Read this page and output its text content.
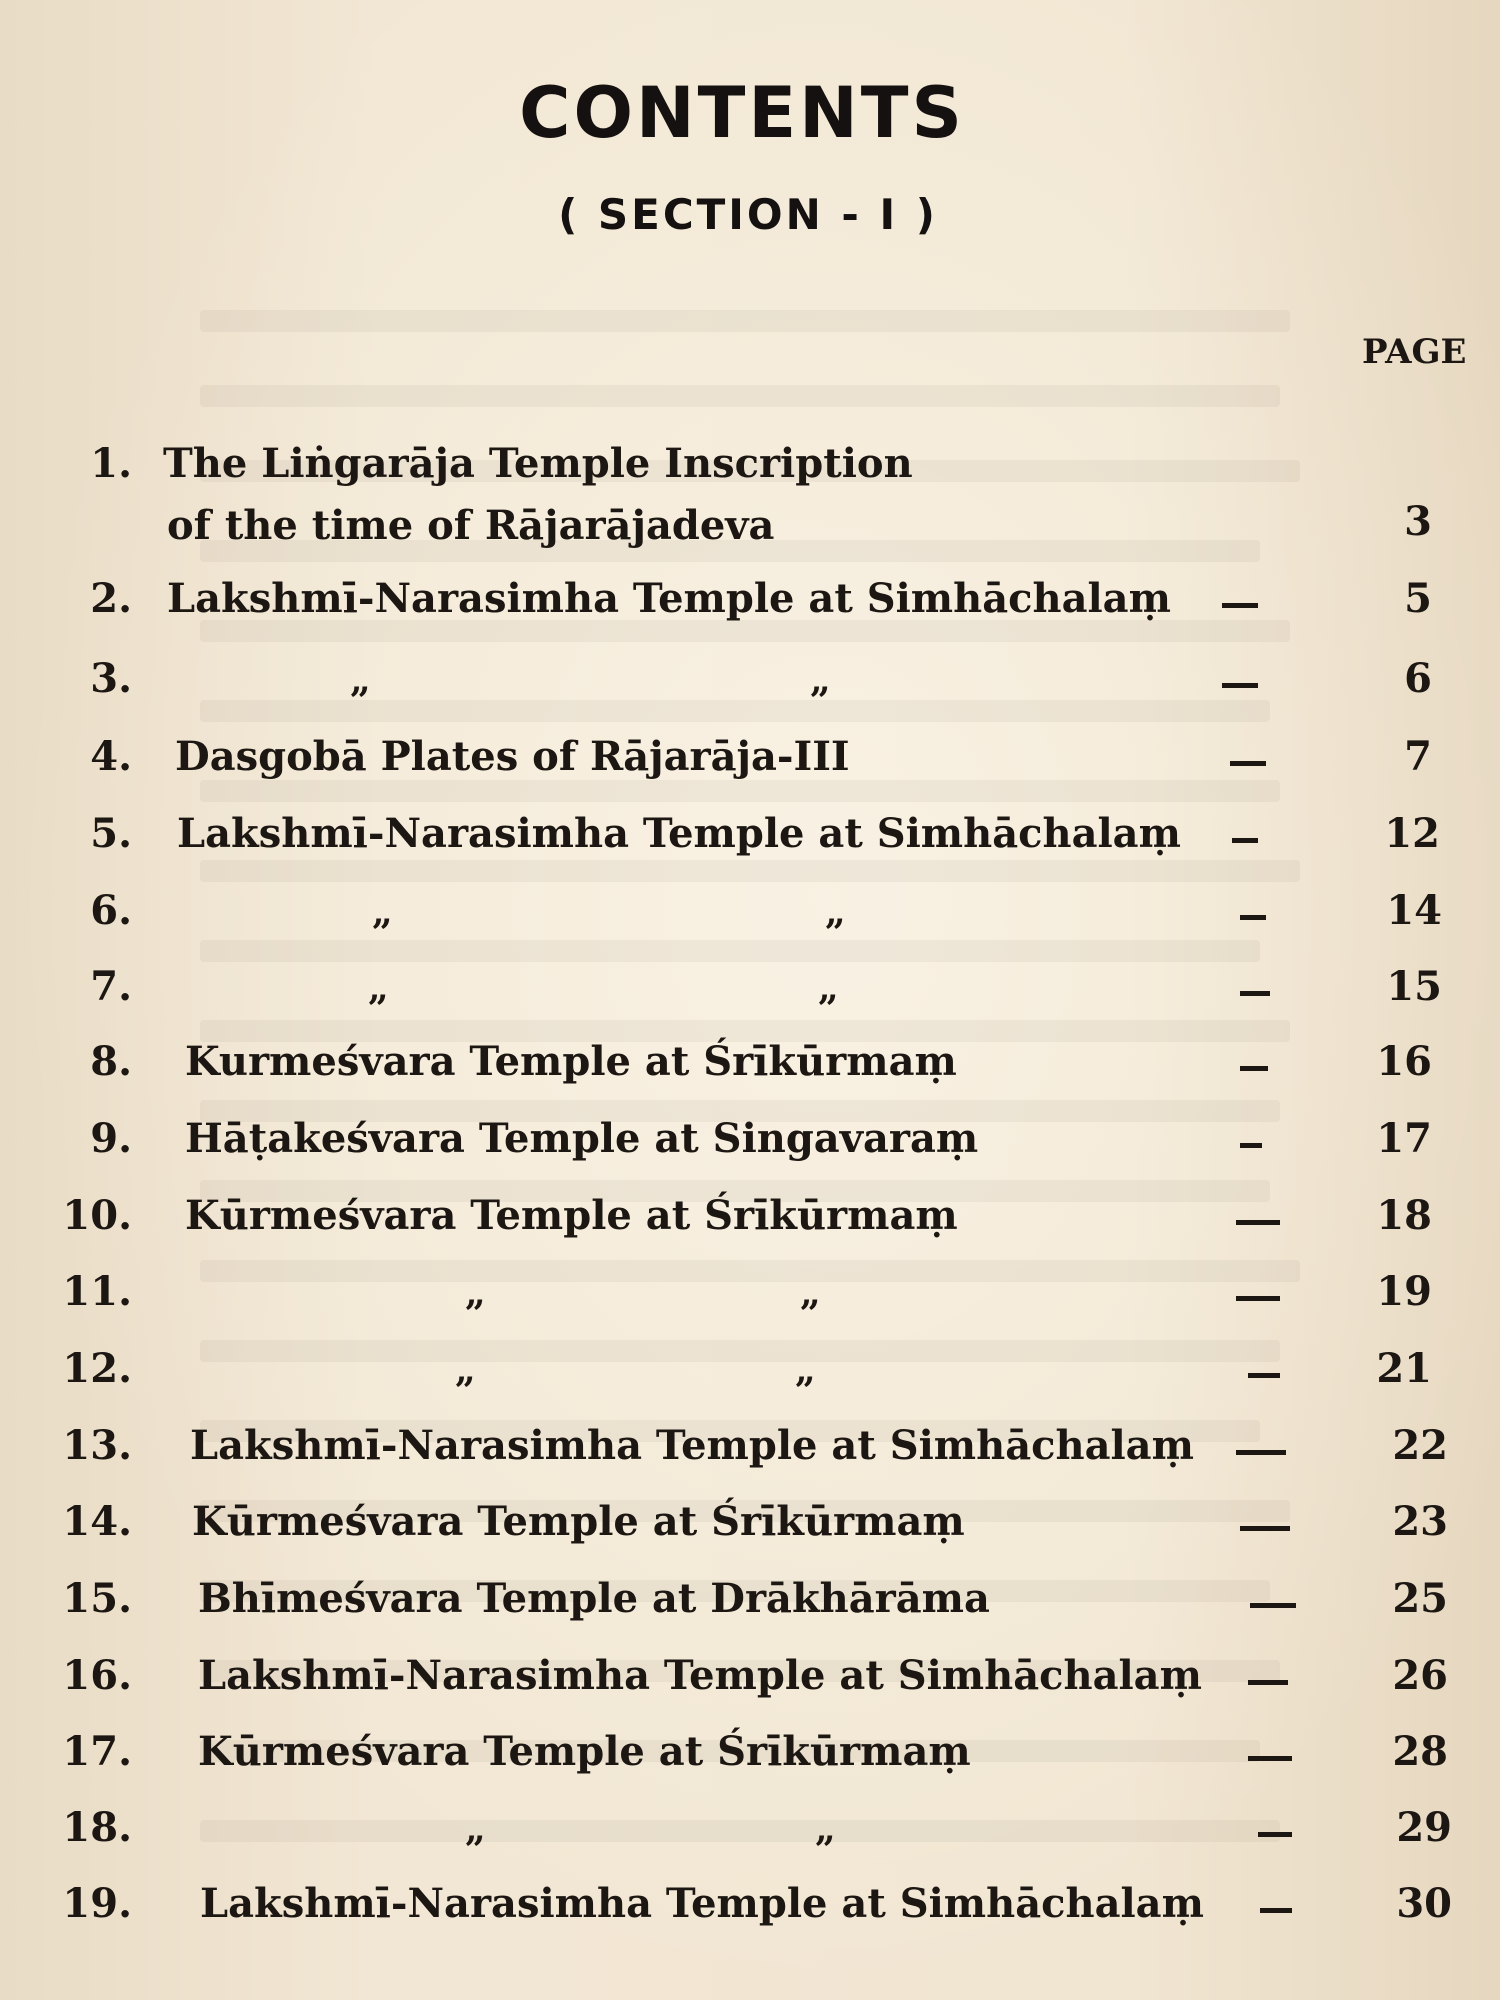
CONTENTS
( SECTION - I )
PAGE
1. The Liṅgarāja Temple Inscription
of the time of Rājarājadeva	3
2. Lakshmī-Narasimha Temple at Simhāchalaṃ	5
3.	„	„	6
4. Dasgobā Plates of Rājarāja-III	7
5. Lakshmī-Narasimha Temple at Simhāchalaṃ	12
6.	„	„	14
7.	„	„	15
8. Kurmeśvara Temple at Śrīkūrmaṃ	16
9. Hāṭakeśvara Temple at Singavaraṃ	17
10. Kūrmeśvara Temple at Śrīkūrmaṃ	18
11.	„	„	19
12.	„	„	21
13. Lakshmī-Narasimha Temple at Simhāchalaṃ	22
14. Kūrmeśvara Temple at Śrīkūrmaṃ	23
15. Bhīmeśvara Temple at Drākhārāma	25
16. Lakshmī-Narasimha Temple at Simhāchalaṃ	26
17. Kūrmeśvara Temple at Śrīkūrmaṃ	28
18.	„	„	29
19. Lakshmī-Narasimha Temple at Simhāchalaṃ	30
